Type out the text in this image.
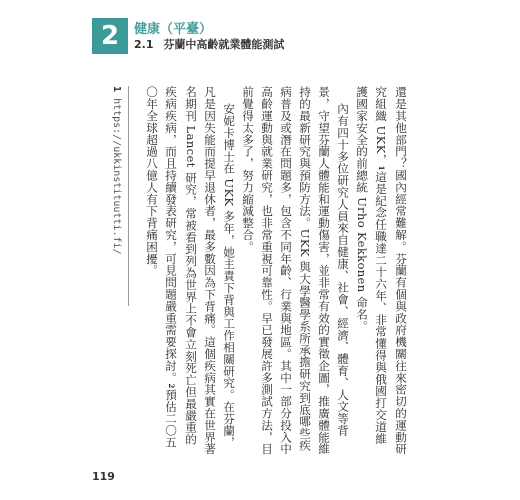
2	健康（平臺）
2.1 芬蘭中高齡就業體能測試

還是其他部門？國內經常難解。芬蘭有個與政府機關往來密切的運動研究組織 UKK，1這是紀念任職達二十六年、非常懂得與俄國打交道維護國家安全的前總統 Urho Kekkonen 命名。

內有四十多位研究人員來自健康、社會、經濟、體育、人文等背景，守望芬蘭人體能和運動傷害，並非常有效的實徵企圖，推廣體能維持的最新研究與預防方法。UKK 與大學醫學系所承擔研究到底哪些疾病普及或潛在問題多，包含不同年齡、行業與地區。其中一部分投入中高齡運動與就業研究，也非常重視可靠性。早已發展許多測試方法，目前覺得太多了，努力縮減整合。

安妮卡博士在 UKK 多年，她主責下背與工作相關研究。在芬蘭，凡是因失能而提早退休者，最多數因為下背痛。這個疾病其實在世界著名期刊 Lancet 研究，常被看到列為世界上不會立刻死亡但最嚴重的疾病疾病，而且持續發表研究，可見問題嚴重需要探討。2預估二〇五〇年全球超過八億人有下背痛困擾。

1 https://ukkinstituutti.fi/
119
